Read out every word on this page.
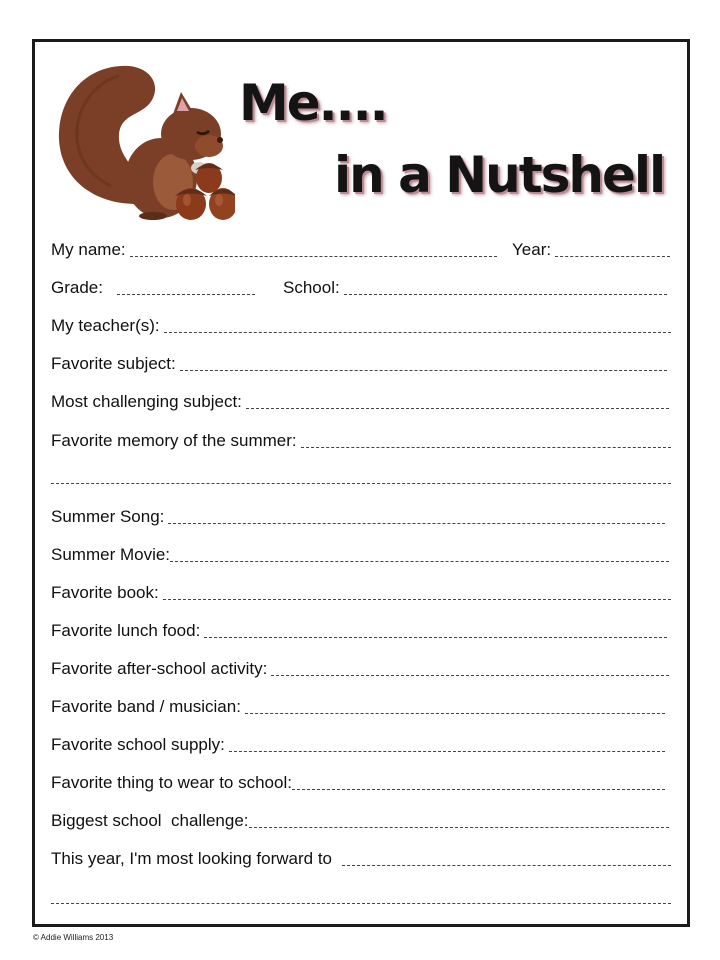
Me....
in a Nutshell
My name:	Year:
Grade:	School:
My teacher(s):
Favorite subject:
Most challenging subject:
Favorite memory of the summer:
Summer Song:
Summer Movie:
Favorite book:
Favorite lunch food:
Favorite after-school activity:
Favorite band / musician:
Favorite school supply:
Favorite thing to wear to school:
Biggest school  challenge:
This year, I'm most looking forward to
© Addie Williams 2013
